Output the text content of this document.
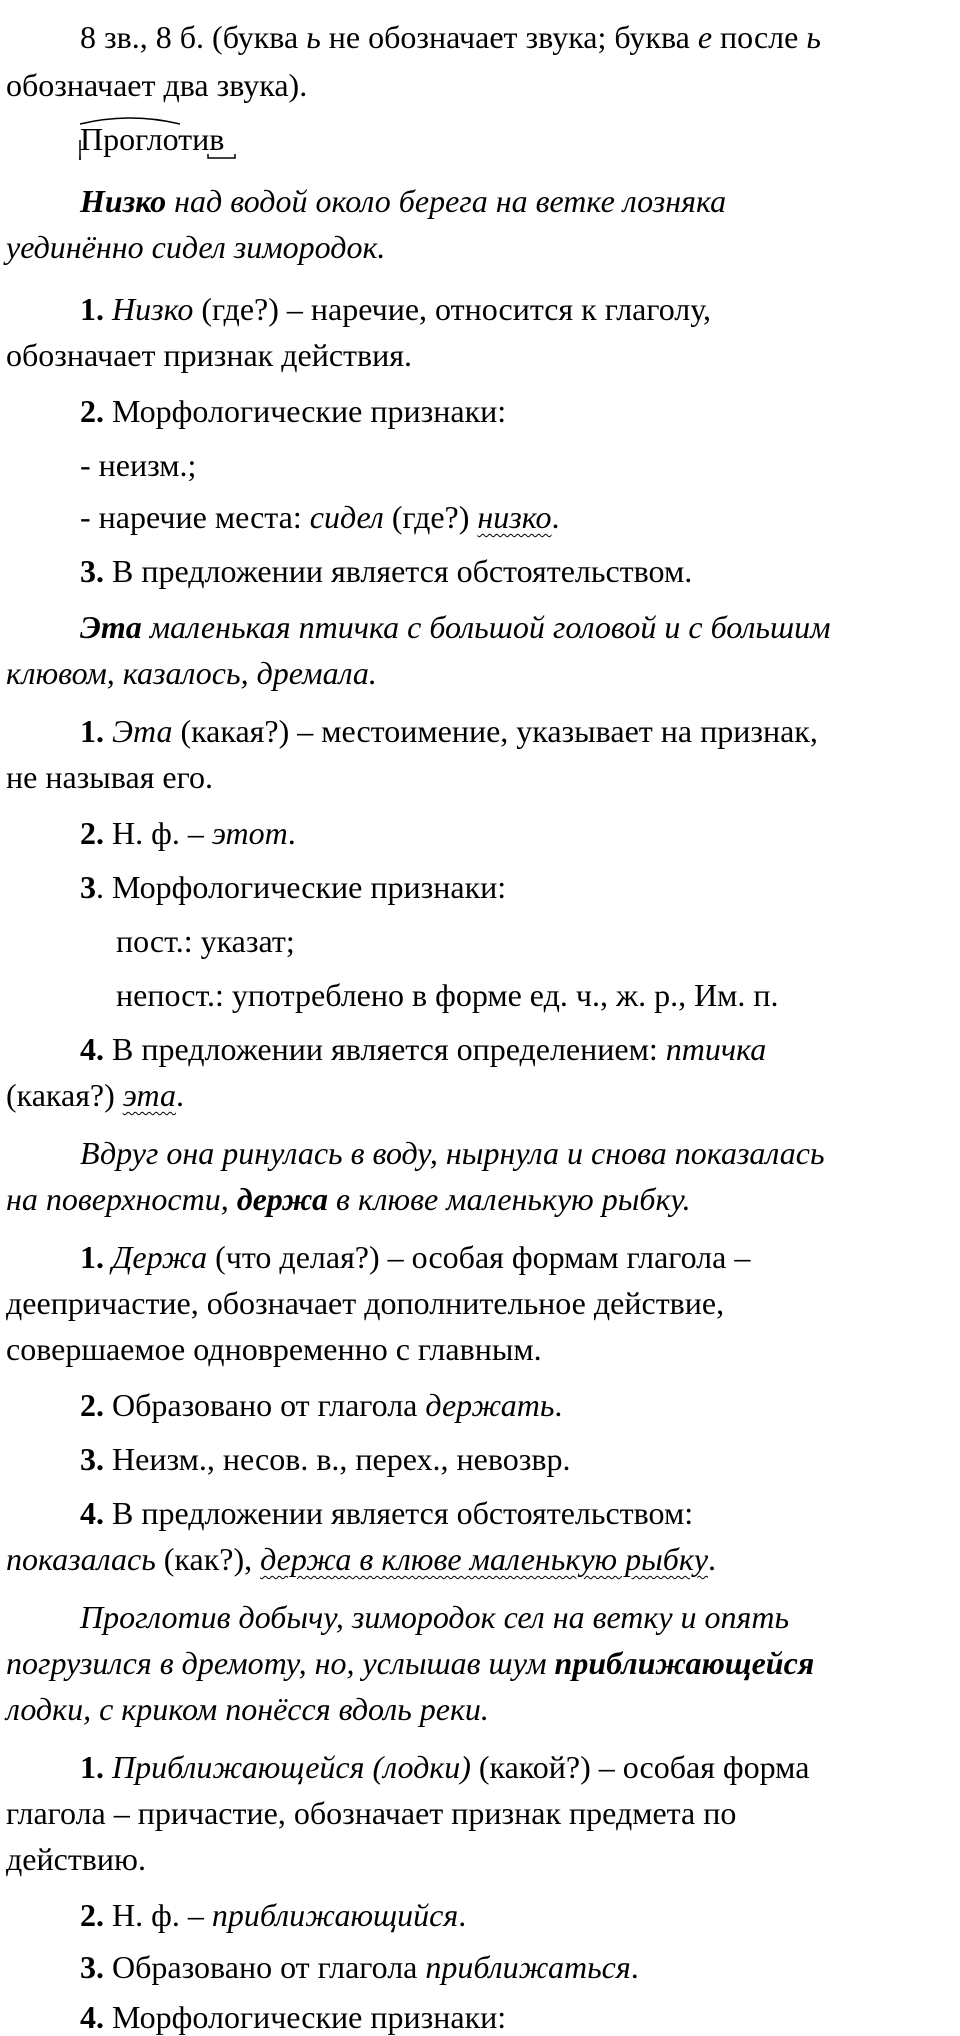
8 зв., 8 б. (буква ь не обозначает звука; буква е после ь

обозначает два звука).

Проглотив

Низко над водой около берега на ветке лозняка

уединённо сидел зимородок.

1. Низко (где?) – наречие, относится к глаголу,

обозначает признак действия.

2. Морфологические признаки:

- неизм.;

- наречие места: сидел (где?) низко.

3. В предложении является обстоятельством.

Эта маленькая птичка с большой головой и с большим

клювом, казалось, дремала.

1. Эта (какая?) – местоимение, указывает на признак,

не называя его.

2. Н. ф. – этот.

3. Морфологические признаки:

пост.: указат;

непост.: употреблено в форме ед. ч., ж. р., Им. п.

4. В предложении является определением: птичка

(какая?) эта.

Вдруг она ринулась в воду, нырнула и снова показалась

на поверхности, держа в клюве маленькую рыбку.

1. Держа (что делая?) – особая формам глагола –

деепричастие, обозначает дополнительное действие,

совершаемое одновременно с главным.

2. Образовано от глагола держать.

3. Неизм., несов. в., перех., невозвр.

4. В предложении является обстоятельством:

показалась (как?), держа в клюве маленькую рыбку.

Проглотив добычу, зимородок сел на ветку и опять

погрузился в дремоту, но, услышав шум приближающейся

лодки, с криком понёсся вдоль реки.

1. Приближающейся (лодки) (какой?) – особая форма

глагола – причастие, обозначает признак предмета по

действию.

2. Н. ф. – приближающийся.

3. Образовано от глагола приближаться.

4. Морфологические признаки:
